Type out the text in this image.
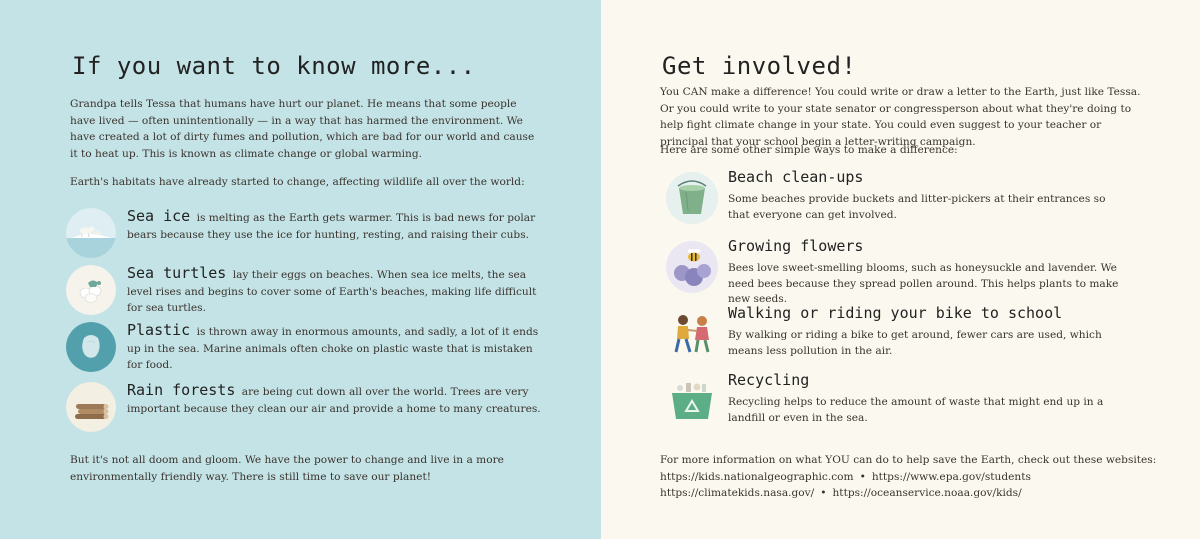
If you want to know more...

Grandpa tells Tessa that humans have hurt our planet. He means that some people have lived — often unintentionally — in a way that has harmed the environment. We have created a lot of dirty fumes and pollution, which are bad for our world and cause it to heat up. This is known as climate change or global warming.

Earth's habitats have already started to change, affecting wildlife all over the world:

Sea ice is melting as the Earth gets warmer. This is bad news for polar bears because they use the ice for hunting, resting, and raising their cubs.
Sea turtles lay their eggs on beaches. When sea ice melts, the sea level rises and begins to cover some of Earth's beaches, making life difficult for sea turtles.
Plastic is thrown away in enormous amounts, and sadly, a lot of it ends up in the sea. Marine animals often choke on plastic waste that is mistaken for food.
Rain forests are being cut down all over the world. Trees are very important because they clean our air and provide a home to many creatures.

But it's not all doom and gloom. We have the power to change and live in a more environmentally friendly way. There is still time to save our planet!

Get involved!

You CAN make a difference! You could write or draw a letter to the Earth, just like Tessa. Or you could write to your state senator or congressperson about what they're doing to help fight climate change in your state. You could even suggest to your teacher or principal that your school begin a letter-writing campaign.

Here are some other simple ways to make a difference:

Beach clean-ups
Some beaches provide buckets and litter-pickers at their entrances so that everyone can get involved.
Growing flowers
Bees love sweet-smelling blooms, such as honeysuckle and lavender. We need bees because they spread pollen around. This helps plants to make new seeds.
Walking or riding your bike to school
By walking or riding a bike to get around, fewer cars are used, which means less pollution in the air.
Recycling
Recycling helps to reduce the amount of waste that might end up in a landfill or even in the sea.

For more information on what YOU can do to help save the Earth, check out these websites:

https://kids.nationalgeographic.com • https://www.epa.gov/students

https://climatekids.nasa.gov/ • https://oceanservice.noaa.gov/kids/
